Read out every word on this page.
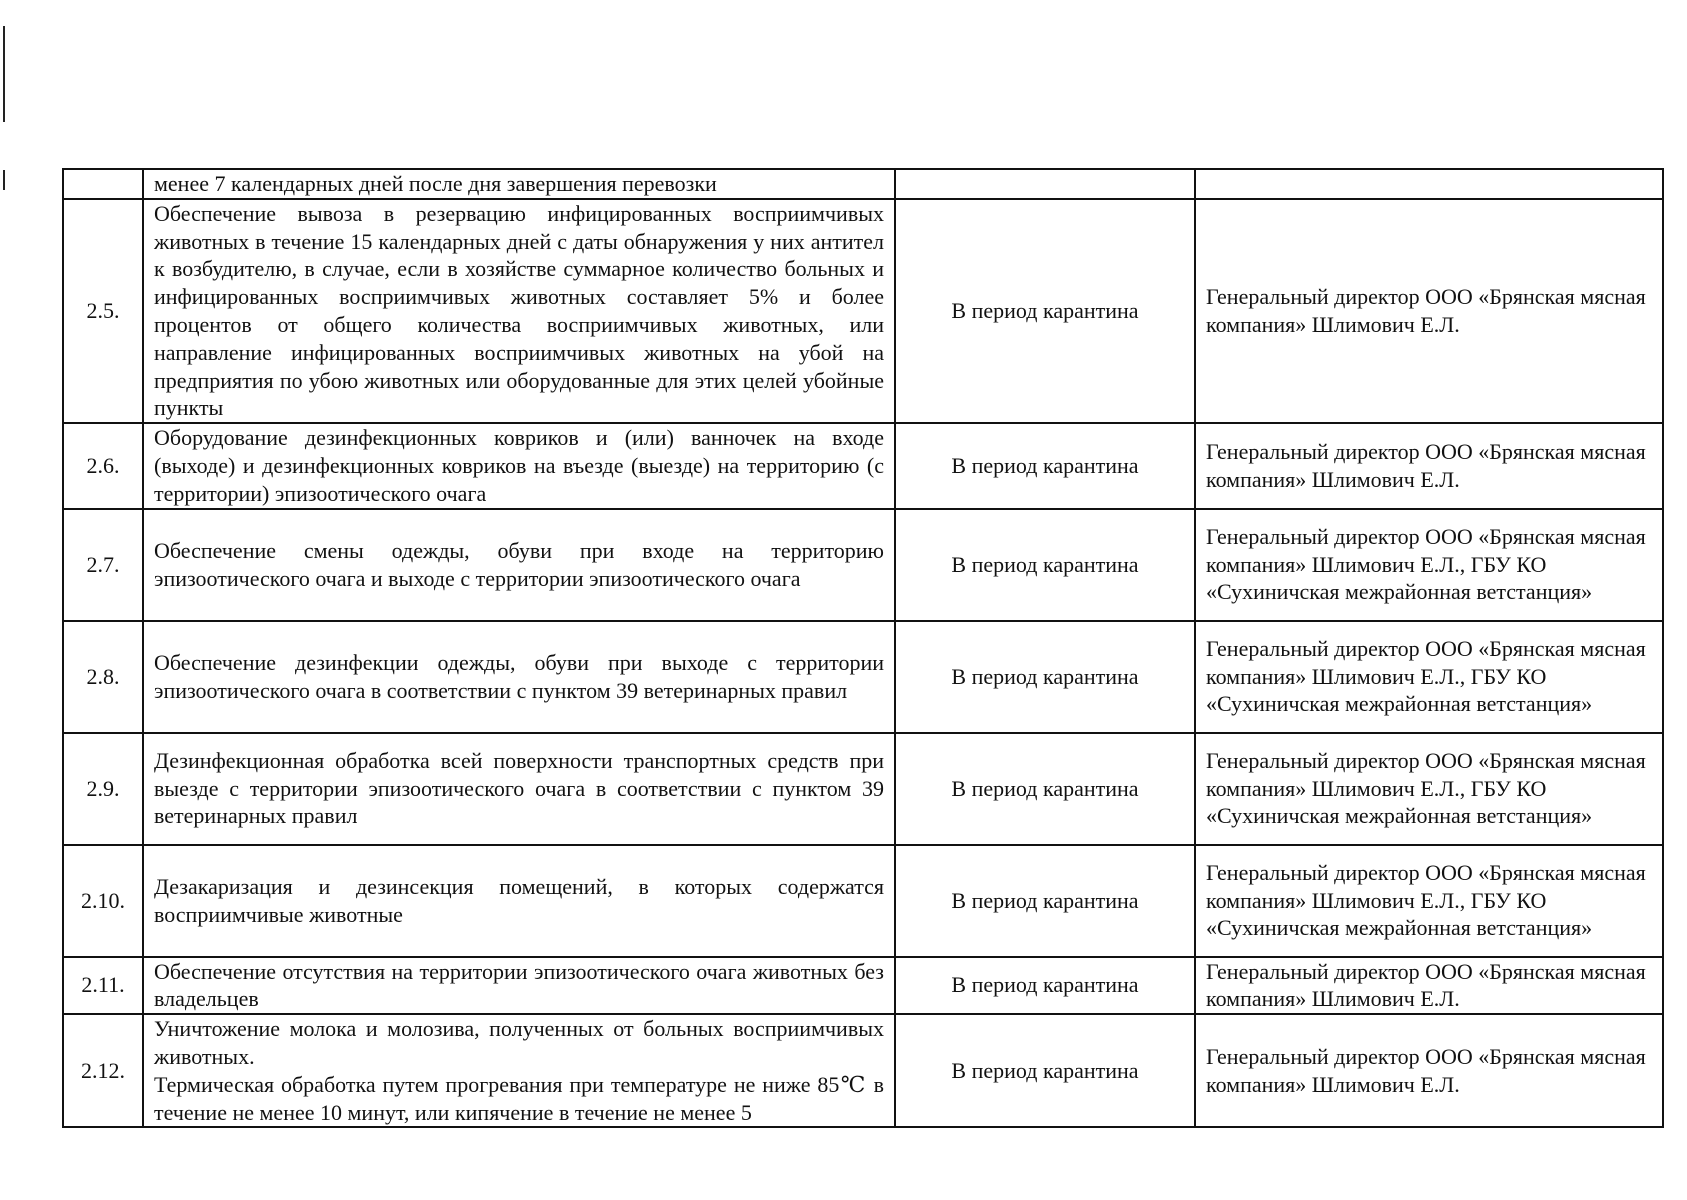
	менее 7 календарных дней после дня завершения перевозки		

2.5.	Обеспечение вывоза в резервацию инфицированных восприимчивых животных в течение 15 календарных дней с даты обнаружения у них антител к возбудителю, в случае, если в хозяйстве суммарное количество больных и инфицированных восприимчивых животных составляет 5% и более процентов от общего количества восприимчивых животных, или направление инфицированных восприимчивых животных на убой на предприятия по убою животных или оборудованные для этих целей убойные пункты	В период карантина	Генеральный директор ООО «Брянская мясная компания» Шлимович Е.Л.
2.6.	Оборудование дезинфекционных ковриков и (или) ванночек на входе (выходе) и дезинфекционных ковриков на въезде (выезде) на территорию (с территории) эпизоотического очага	В период карантина	Генеральный директор ООО «Брянская мясная компания» Шлимович Е.Л.
2.7.	Обеспечение смены одежды, обуви при входе на территорию эпизоотического очага и выходе с территории эпизоотического очага	В период карантина	Генеральный директор ООО «Брянская мясная компания» Шлимович Е.Л., ГБУ КО «Сухиничская межрайонная ветстанция»
2.8.	Обеспечение дезинфекции одежды, обуви при выходе с территории эпизоотического очага в соответствии с пунктом 39 ветеринарных правил	В период карантина	Генеральный директор ООО «Брянская мясная компания» Шлимович Е.Л., ГБУ КО «Сухиничская межрайонная ветстанция»
2.9.	Дезинфекционная обработка всей поверхности транспортных средств при выезде с территории эпизоотического очага в соответствии с пунктом 39 ветеринарных правил	В период карантина	Генеральный директор ООО «Брянская мясная компания» Шлимович Е.Л., ГБУ КО «Сухиничская межрайонная ветстанция»
2.10.	Дезакаризация и дезинсекция помещений, в которых содержатся восприимчивые животные	В период карантина	Генеральный директор ООО «Брянская мясная компания» Шлимович Е.Л., ГБУ КО «Сухиничская межрайонная ветстанция»
2.11.	Обеспечение отсутствия на территории эпизоотического очага животных без владельцев	В период карантина	Генеральный директор ООО «Брянская мясная компания» Шлимович Е.Л.
2.12.	Уничтожение молока и молозива, полученных от больных восприимчивых животных.

Термическая обработка путем прогревания при температуре не ниже 85℃ в течение не менее 10 минут, или кипячение в течение не менее 5	В период карантина	Генеральный директор ООО «Брянская мясная компания» Шлимович Е.Л.
